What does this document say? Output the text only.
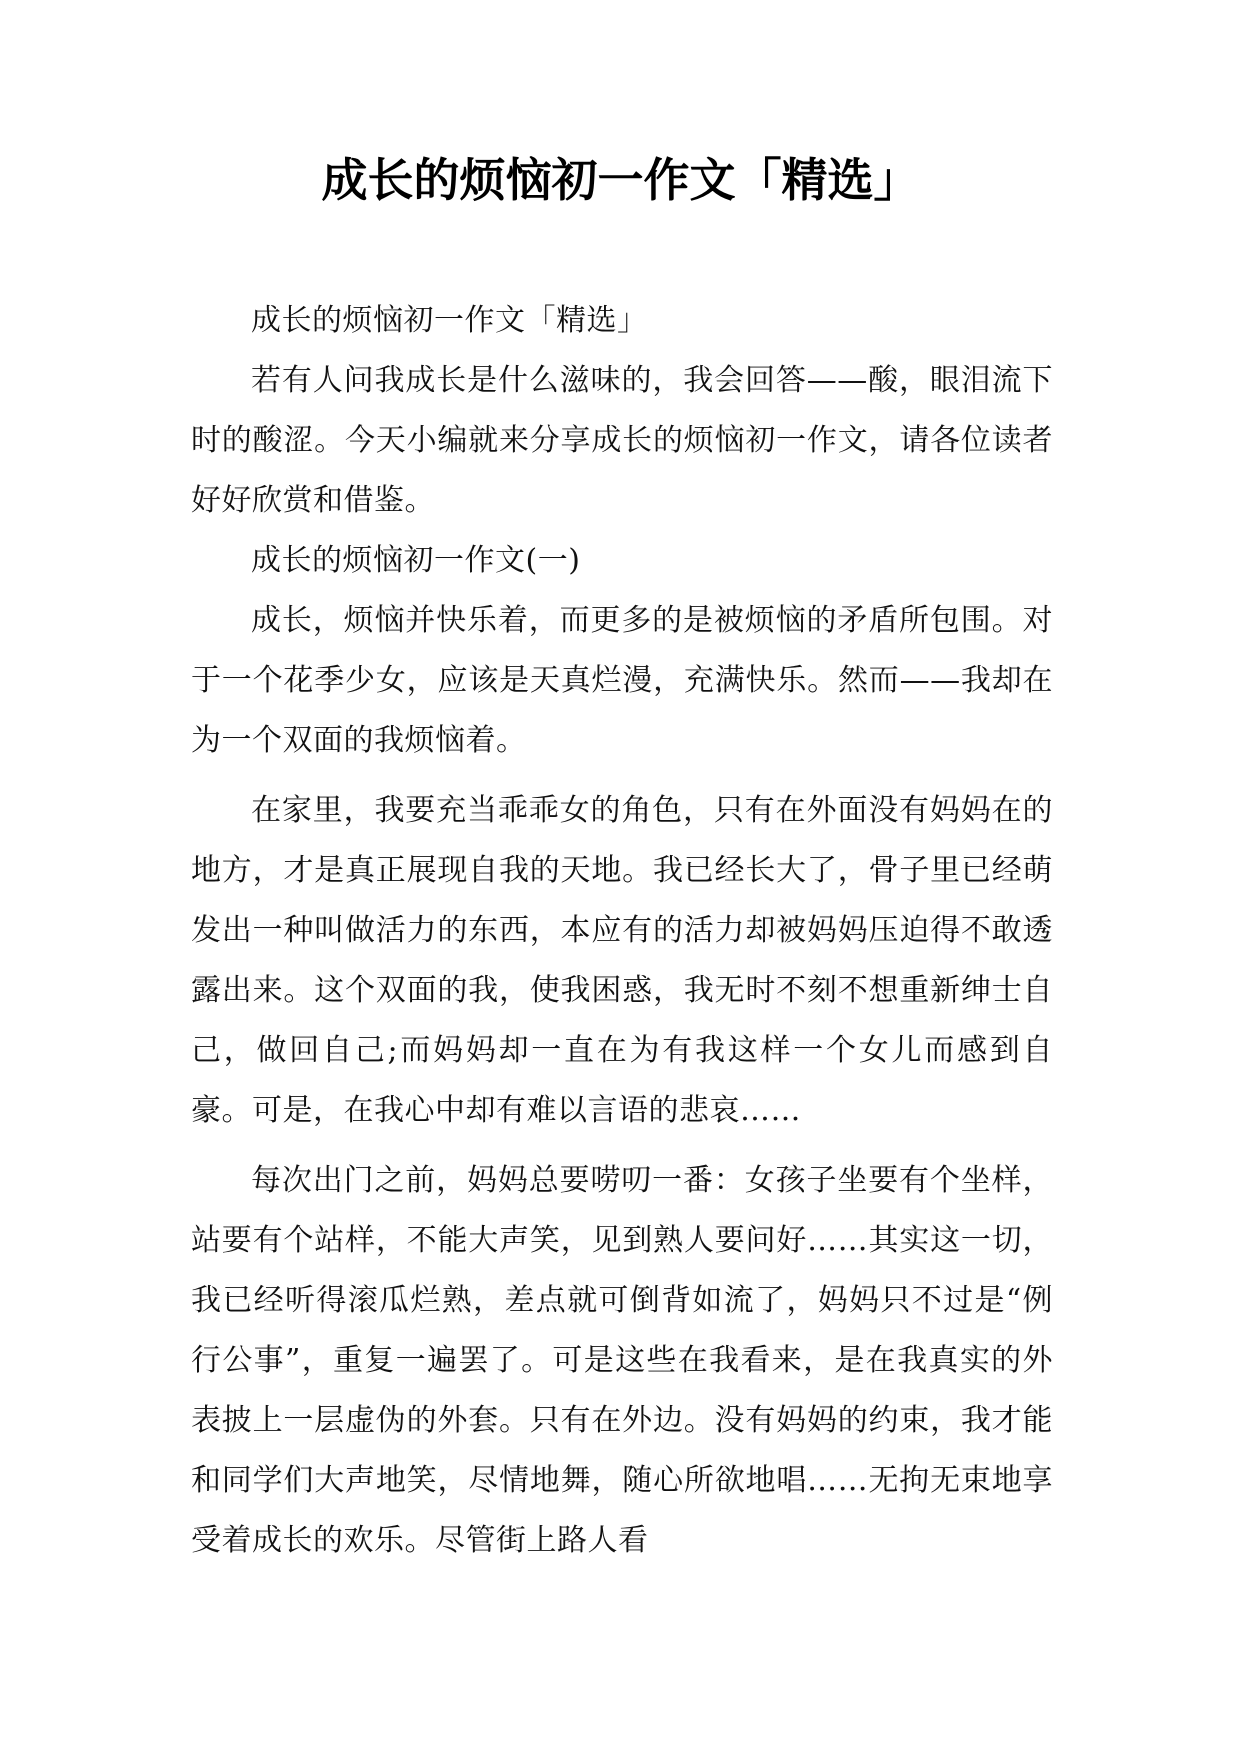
成长的烦恼初一作文「精选」

成长的烦恼初一作文「精选」

若有人问我成长是什么滋味的，我会回答——酸，眼泪流下时的酸涩。今天小编就来分享成长的烦恼初一作文，请各位读者好好欣赏和借鉴。

成长的烦恼初一作文(一)

成长，烦恼并快乐着，而更多的是被烦恼的矛盾所包围。对于一个花季少女，应该是天真烂漫，充满快乐。然而——我却在为一个双面的我烦恼着。

在家里，我要充当乖乖女的角色，只有在外面没有妈妈在的地方，才是真正展现自我的天地。我已经长大了，骨子里已经萌发出一种叫做活力的东西，本应有的活力却被妈妈压迫得不敢透露出来。这个双面的我，使我困惑，我无时不刻不想重新绅士自己，做回自己;而妈妈却一直在为有我这样一个女儿而感到自豪。可是，在我心中却有难以言语的悲哀……

每次出门之前，妈妈总要唠叨一番：女孩子坐要有个坐样，站要有个站样，不能大声笑，见到熟人要问好……其实这一切，我已经听得滚瓜烂熟，差点就可倒背如流了，妈妈只不过是“例行公事”，重复一遍罢了。可是这些在我看来，是在我真实的外表披上一层虚伪的外套。只有在外边。没有妈妈的约束，我才能和同学们大声地笑，尽情地舞，随心所欲地唱……无拘无束地享受着成长的欢乐。尽管街上路人看
